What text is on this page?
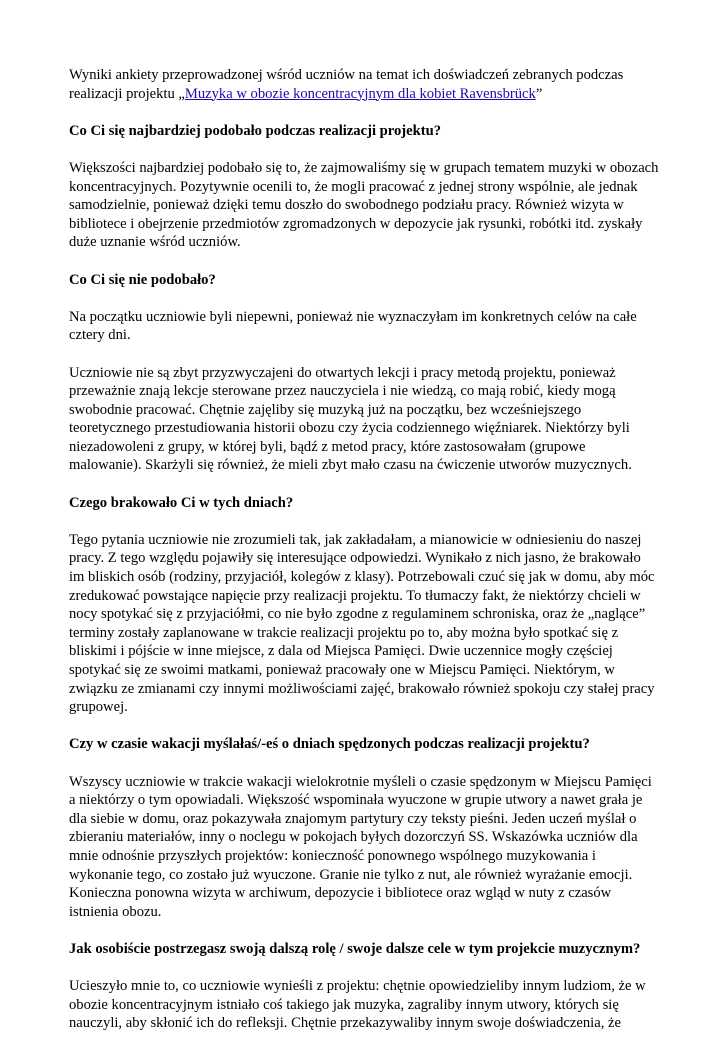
Wyniki ankiety przeprowadzonej wśród uczniów na temat ich doświadczeń zebranych podczas realizacji projektu „Muzyka w obozie koncentracyjnym dla kobiet Ravensbrück”

Co Ci się najbardziej podobało podczas realizacji projektu?

Większości najbardziej podobało się to, że zajmowaliśmy się w grupach tematem muzyki w obozach koncentracyjnych. Pozytywnie ocenili to, że mogli pracować z jednej strony wspólnie, ale jednak samodzielnie, ponieważ dzięki temu doszło do swobodnego podziału pracy. Również wizyta w bibliotece i obejrzenie przedmiotów zgromadzonych w depozycie jak rysunki, robótki itd. zyskały duże uznanie wśród uczniów.

Co Ci się nie podobało?

Na początku uczniowie byli niepewni, ponieważ nie wyznaczyłam im konkretnych celów na całe cztery dni.

Uczniowie nie są zbyt przyzwyczajeni do otwartych lekcji i pracy metodą projektu, ponieważ przeważnie znają lekcje sterowane przez nauczyciela i nie wiedzą, co mają robić, kiedy mogą swobodnie pracować. Chętnie zajęliby się muzyką już na początku, bez wcześniejszego teoretycznego przestudiowania historii obozu czy życia codziennego więźniarek. Niektórzy byli niezadowoleni z grupy, w której byli, bądź z metod pracy, które zastosowałam (grupowe malowanie). Skarżyli się również, że mieli zbyt mało czasu na ćwiczenie utworów muzycznych.

Czego brakowało Ci w tych dniach?

Tego pytania uczniowie nie zrozumieli tak, jak zakładałam, a mianowicie w odniesieniu do naszej pracy. Z tego względu pojawiły się interesujące odpowiedzi. Wynikało z nich jasno, że brakowało im bliskich osób (rodziny, przyjaciół, kolegów z klasy). Potrzebowali czuć się jak w domu, aby móc zredukować powstające napięcie przy realizacji projektu. To tłumaczy fakt, że niektórzy chcieli w nocy spotykać się z przyjaciółmi, co nie było zgodne z regulaminem schroniska, oraz że „naglące” terminy zostały zaplanowane w trakcie realizacji projektu po to, aby można było spotkać się z bliskimi i pójście w inne miejsce, z dala od Miejsca Pamięci. Dwie uczennice mogły częściej spotykać się ze swoimi matkami, ponieważ pracowały one w Miejscu Pamięci. Niektórym, w związku ze zmianami czy innymi możliwościami zajęć, brakowało również spokoju czy stałej pracy grupowej.

Czy w czasie wakacji myślałaś/-eś o dniach spędzonych podczas realizacji projektu?

Wszyscy uczniowie w trakcie wakacji wielokrotnie myśleli o czasie spędzonym w Miejscu Pamięci a niektórzy o tym opowiadali. Większość wspominała wyuczone w grupie utwory a nawet grała je dla siebie w domu, oraz pokazywała znajomym partytury czy teksty pieśni. Jeden uczeń myślał o zbieraniu materiałów, inny o noclegu w pokojach byłych dozorczyń SS. Wskazówka uczniów dla mnie odnośnie przyszłych projektów: konieczność ponownego wspólnego muzykowania i wykonanie tego, co zostało już wyuczone. Granie nie tylko z nut, ale również wyrażanie emocji. Konieczna ponowna wizyta w archiwum, depozycie i bibliotece oraz wgląd w nuty z czasów istnienia obozu.

Jak osobiście postrzegasz swoją dalszą rolę / swoje dalsze cele w tym projekcie muzycznym?

Ucieszyło mnie to, co uczniowie wynieśli z projektu: chętnie opowiedzieliby innym ludziom, że w obozie koncentracyjnym istniało coś takiego jak muzyka, zagraliby innym utwory, których się nauczyli, aby skłonić ich do refleksji. Chętnie przekazywaliby innym swoje doświadczenia, że
